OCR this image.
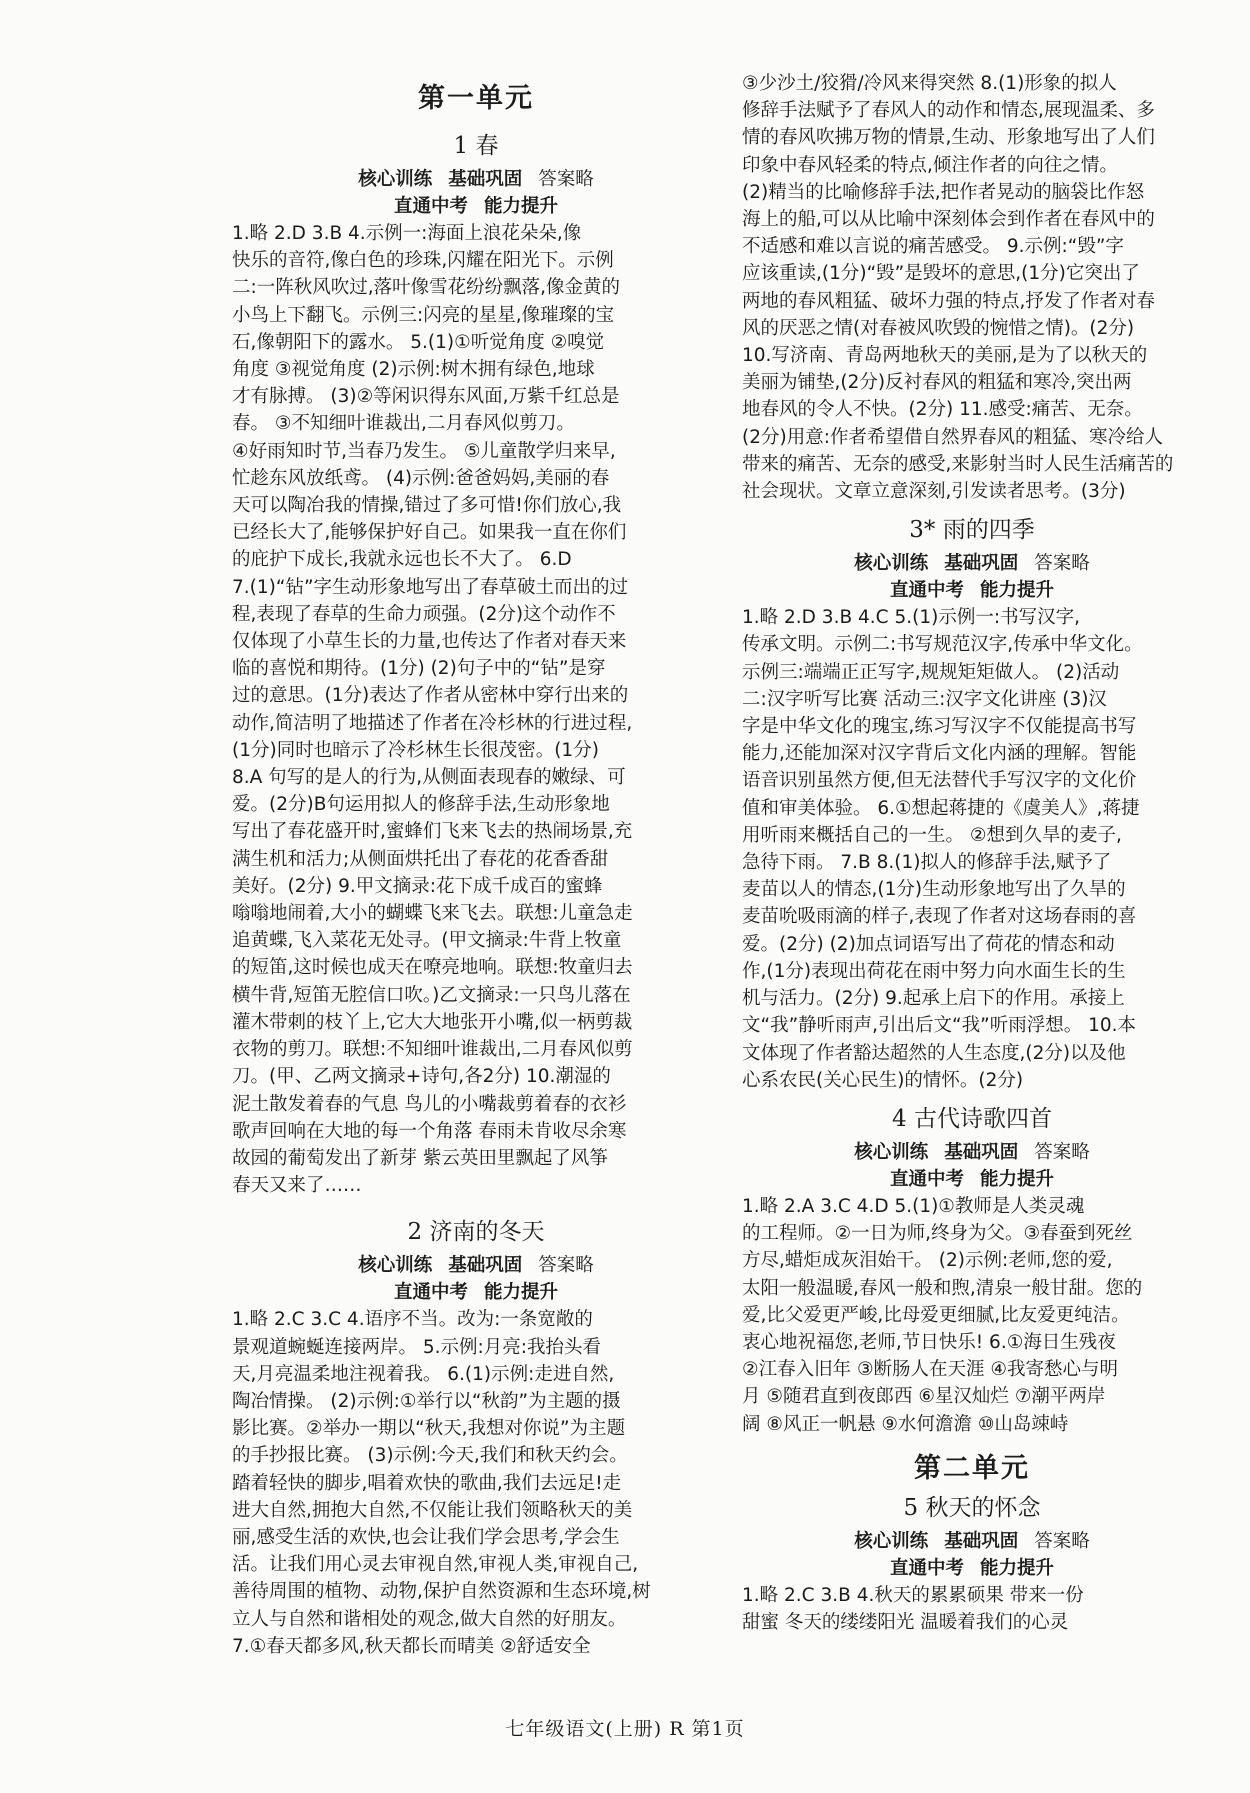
第一单元
1 春
核心训练 基础巩固 答案略
直通中考 能力提升

1.略 2.D 3.B 4.示例一:海面上浪花朵朵,像
快乐的音符,像白色的珍珠,闪耀在阳光下。示例
二:一阵秋风吹过,落叶像雪花纷纷飘落,像金黄的
小鸟上下翻飞。示例三:闪亮的星星,像璀璨的宝
石,像朝阳下的露水。 5.(1)①听觉角度 ②嗅觉
角度 ③视觉角度 (2)示例:树木拥有绿色,地球
才有脉搏。 (3)②等闲识得东风面,万紫千红总是
春。 ③不知细叶谁裁出,二月春风似剪刀。
④好雨知时节,当春乃发生。 ⑤儿童散学归来早,
忙趁东风放纸鸢。 (4)示例:爸爸妈妈,美丽的春
天可以陶冶我的情操,错过了多可惜!你们放心,我
已经长大了,能够保护好自己。如果我一直在你们
的庇护下成长,我就永远也长不大了。 6.D
7.(1)“钻”字生动形象地写出了春草破土而出的过
程,表现了春草的生命力顽强。(2分)这个动作不
仅体现了小草生长的力量,也传达了作者对春天来
临的喜悦和期待。(1分) (2)句子中的“钻”是穿
过的意思。(1分)表达了作者从密林中穿行出来的
动作,简洁明了地描述了作者在冷杉林的行进过程,
(1分)同时也暗示了冷杉林生长很茂密。(1分)
8.A 句写的是人的行为,从侧面表现春的嫩绿、可
爱。(2分)B句运用拟人的修辞手法,生动形象地
写出了春花盛开时,蜜蜂们飞来飞去的热闹场景,充
满生机和活力;从侧面烘托出了春花的花香香甜
美好。(2分) 9.甲文摘录:花下成千成百的蜜蜂
嗡嗡地闹着,大小的蝴蝶飞来飞去。联想:儿童急走
追黄蝶,飞入菜花无处寻。(甲文摘录:牛背上牧童
的短笛,这时候也成天在嘹亮地响。联想:牧童归去
横牛背,短笛无腔信口吹。)乙文摘录:一只鸟儿落在
灌木带刺的枝丫上,它大大地张开小嘴,似一柄剪裁
衣物的剪刀。联想:不知细叶谁裁出,二月春风似剪
刀。(甲、乙两文摘录+诗句,各2分) 10.潮湿的
泥土散发着春的气息 鸟儿的小嘴裁剪着春的衣衫
歌声回响在大地的每一个角落 春雨未肯收尽余寒
故园的葡萄发出了新芽 紫云英田里飘起了风筝
春天又来了……

2 济南的冬天
核心训练 基础巩固 答案略
直通中考 能力提升

1.略 2.C 3.C 4.语序不当。改为:一条宽敞的
景观道蜿蜒连接两岸。 5.示例:月亮:我抬头看
天,月亮温柔地注视着我。 6.(1)示例:走进自然,
陶冶情操。 (2)示例:①举行以“秋韵”为主题的摄
影比赛。②举办一期以“秋天,我想对你说”为主题
的手抄报比赛。 (3)示例:今天,我们和秋天约会。
踏着轻快的脚步,唱着欢快的歌曲,我们去远足!走
进大自然,拥抱大自然,不仅能让我们领略秋天的美
丽,感受生活的欢快,也会让我们学会思考,学会生
活。让我们用心灵去审视自然,审视人类,审视自己,
善待周围的植物、动物,保护自然资源和生态环境,树
立人与自然和谐相处的观念,做大自然的好朋友。
7.①春天都多风,秋天都长而晴美 ②舒适安全

③少沙土/狡猾/冷风来得突然 8.(1)形象的拟人
修辞手法赋予了春风人的动作和情态,展现温柔、多
情的春风吹拂万物的情景,生动、形象地写出了人们
印象中春风轻柔的特点,倾注作者的向往之情。
(2)精当的比喻修辞手法,把作者晃动的脑袋比作怒
海上的船,可以从比喻中深刻体会到作者在春风中的
不适感和难以言说的痛苦感受。 9.示例:“毁”字
应该重读,(1分)“毁”是毁坏的意思,(1分)它突出了
两地的春风粗猛、破坏力强的特点,抒发了作者对春
风的厌恶之情(对春被风吹毁的惋惜之情)。(2分)
10.写济南、青岛两地秋天的美丽,是为了以秋天的
美丽为铺垫,(2分)反衬春风的粗猛和寒冷,突出两
地春风的令人不快。(2分) 11.感受:痛苦、无奈。
(2分)用意:作者希望借自然界春风的粗猛、寒冷给人
带来的痛苦、无奈的感受,来影射当时人民生活痛苦的
社会现状。文章立意深刻,引发读者思考。(3分)

3* 雨的四季
核心训练 基础巩固 答案略
直通中考 能力提升

1.略 2.D 3.B 4.C 5.(1)示例一:书写汉字,
传承文明。示例二:书写规范汉字,传承中华文化。
示例三:端端正正写字,规规矩矩做人。 (2)活动
二:汉字听写比赛 活动三:汉字文化讲座 (3)汉
字是中华文化的瑰宝,练习写汉字不仅能提高书写
能力,还能加深对汉字背后文化内涵的理解。智能
语音识别虽然方便,但无法替代手写汉字的文化价
值和审美体验。 6.①想起蒋捷的《虞美人》,蒋捷
用听雨来概括自己的一生。 ②想到久旱的麦子,
急待下雨。 7.B 8.(1)拟人的修辞手法,赋予了
麦苗以人的情态,(1分)生动形象地写出了久旱的
麦苗吮吸雨滴的样子,表现了作者对这场春雨的喜
爱。(2分) (2)加点词语写出了荷花的情态和动
作,(1分)表现出荷花在雨中努力向水面生长的生
机与活力。(2分) 9.起承上启下的作用。承接上
文“我”静听雨声,引出后文“我”听雨浮想。 10.本
文体现了作者豁达超然的人生态度,(2分)以及他
心系农民(关心民生)的情怀。(2分)

4 古代诗歌四首
核心训练 基础巩固 答案略
直通中考 能力提升

1.略 2.A 3.C 4.D 5.(1)①教师是人类灵魂
的工程师。②一日为师,终身为父。③春蚕到死丝
方尽,蜡炬成灰泪始干。 (2)示例:老师,您的爱,
太阳一般温暖,春风一般和煦,清泉一般甘甜。您的
爱,比父爱更严峻,比母爱更细腻,比友爱更纯洁。
衷心地祝福您,老师,节日快乐! 6.①海日生残夜
②江春入旧年 ③断肠人在天涯 ④我寄愁心与明
月 ⑤随君直到夜郎西 ⑥星汉灿烂 ⑦潮平两岸
阔 ⑧风正一帆悬 ⑨水何澹澹 ⑩山岛竦峙

第二单元
5 秋天的怀念
核心训练 基础巩固 答案略
直通中考 能力提升

1.略 2.C 3.B 4.秋天的累累硕果 带来一份
甜蜜 冬天的缕缕阳光 温暖着我们的心灵

七年级语文(上册) R 第1页
